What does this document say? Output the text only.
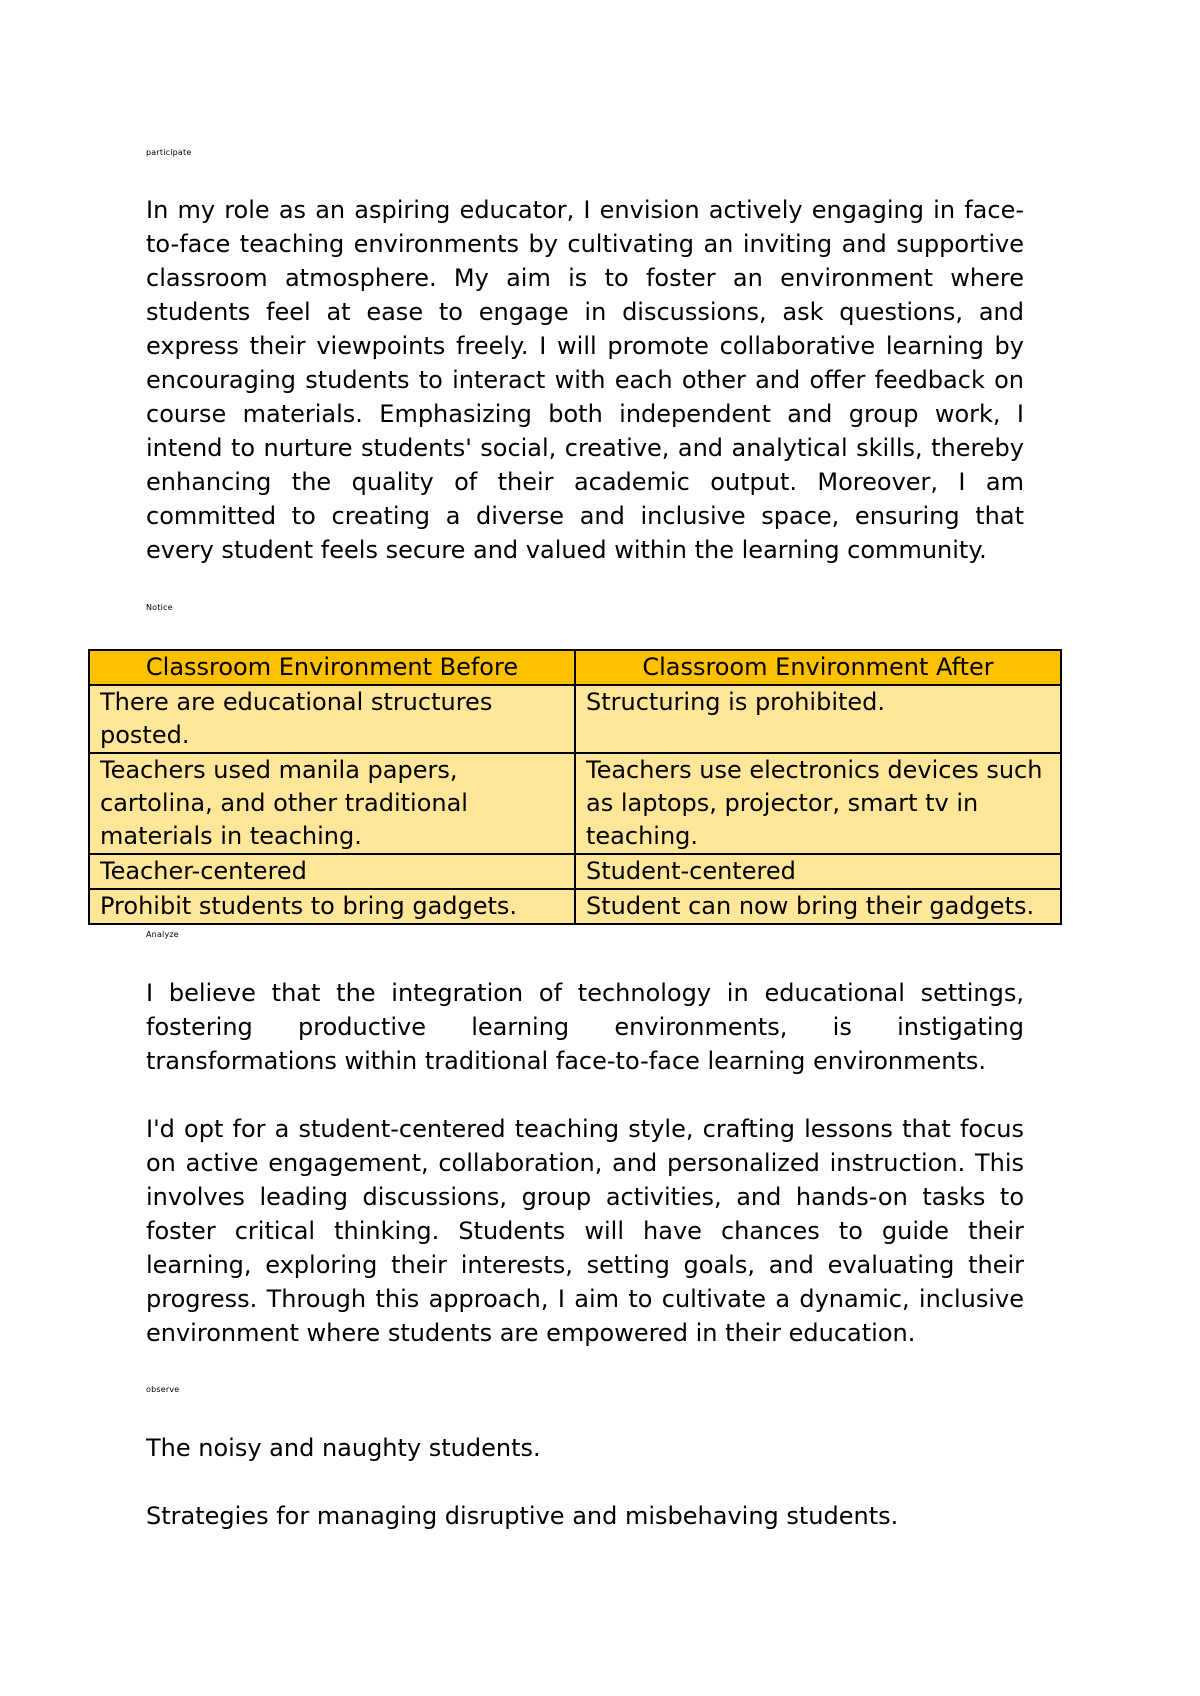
participate

In my role as an aspiring educator, I envision actively engaging in face-to-face teaching environments by cultivating an inviting and supportive classroom atmosphere. My aim is to foster an environment where students feel at ease to engage in discussions, ask questions, and express their viewpoints freely. I will promote collaborative learning by encouraging students to interact with each other and offer feedback on course materials. Emphasizing both independent and group work, I intend to nurture students' social, creative, and analytical skills, thereby enhancing the quality of their academic output. Moreover, I am committed to creating a diverse and inclusive space, ensuring that every student feels secure and valued within the learning community.

Notice
Classroom Environment Before	Classroom Environment After
There are educational structures posted.	Structuring is prohibited.
Teachers used manila papers, cartolina, and other traditional materials in teaching.	Teachers use electronics devices such as laptops, projector, smart tv in teaching.
Teacher-centered	Student-centered
Prohibit students to bring gadgets.	Student can now bring their gadgets.
Analyze

I believe that the integration of technology in educational settings, fostering productive learning environments, is instigating transformations within traditional face-to-face learning environments.

I'd opt for a student-centered teaching style, crafting lessons that focus on active engagement, collaboration, and personalized instruction. This involves leading discussions, group activities, and hands-on tasks to foster critical thinking. Students will have chances to guide their learning, exploring their interests, setting goals, and evaluating their progress. Through this approach, I aim to cultivate a dynamic, inclusive environment where students are empowered in their education.

observe

The noisy and naughty students.

Strategies for managing disruptive and misbehaving students.
